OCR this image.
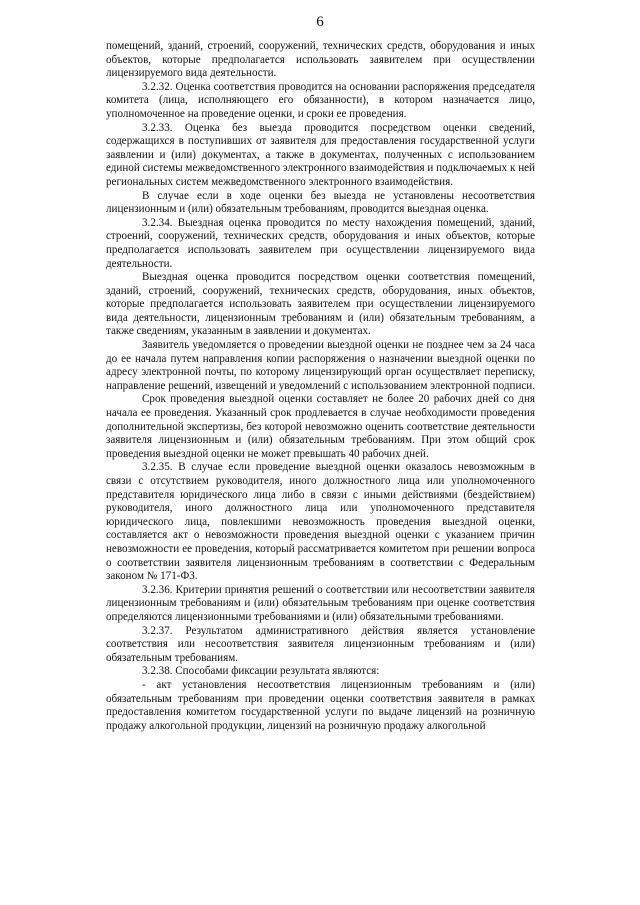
6

помещений, зданий, строений, сооружений, технических средств, оборудования и иных объектов, которые предполагается использовать заявителем при осуществлении лицензируемого вида деятельности.

3.2.32. Оценка соответствия проводится на основании распоряжения председателя комитета (лица, исполняющего его обязанности), в котором назначается лицо, уполномоченное на проведение оценки, и сроки ее проведения.

3.2.33. Оценка без выезда проводится посредством оценки сведений, содержащихся в поступивших от заявителя для предоставления государственной услуги заявлении и (или) документах, а также в документах, полученных с использованием единой системы межведомственного электронного взаимодействия и подключаемых к ней региональных систем межведомственного электронного взаимодействия.

В случае если в ходе оценки без выезда не установлены несоответствия лицензионным и (или) обязательным требованиям, проводится выездная оценка.

3.2.34. Выездная оценка проводится по месту нахождения помещений, зданий, строений, сооружений, технических средств, оборудования и иных объектов, которые предполагается использовать заявителем при осуществлении лицензируемого вида деятельности.

Выездная оценка проводится посредством оценки соответствия помещений, зданий, строений, сооружений, технических средств, оборудования, иных объектов, которые предполагается использовать заявителем при осуществлении лицензируемого вида деятельности, лицензионным требованиям и (или) обязательным требованиям, а также сведениям, указанным в заявлении и документах.

Заявитель уведомляется о проведении выездной оценки не позднее чем за 24 часа до ее начала путем направления копии распоряжения о назначении выездной оценки по адресу электронной почты, по которому лицензирующий орган осуществляет переписку, направление решений, извещений и уведомлений с использованием электронной подписи.

Срок проведения выездной оценки составляет не более 20 рабочих дней со дня начала ее проведения. Указанный срок продлевается в случае необходимости проведения дополнительной экспертизы, без которой невозможно оценить соответствие деятельности заявителя лицензионным и (или) обязательным требованиям. При этом общий срок проведения выездной оценки не может превышать 40 рабочих дней.

3.2.35. В случае если проведение выездной оценки оказалось невозможным в связи с отсутствием руководителя, иного должностного лица или уполномоченного представителя юридического лица либо в связи с иными действиями (бездействием) руководителя, иного должностного лица или уполномоченного представителя юридического лица, повлекшими невозможность проведения выездной оценки, составляется акт о невозможности проведения выездной оценки с указанием причин невозможности ее проведения, который рассматривается комитетом при решении вопроса о соответствии заявителя лицензионным требованиям в соответствии с Федеральным законом № 171-ФЗ.

3.2.36. Критерии принятия решений о соответствии или несоответствии заявителя лицензионным требованиям и (или) обязательным требованиям при оценке соответствия определяются лицензионными требованиями и (или) обязательными требованиями.

3.2.37. Результатом административного действия является установление соответствия или несоответствия заявителя лицензионным требованиям и (или) обязательным требованиям.

3.2.38. Способами фиксации результата являются:

- акт установления несоответствия лицензионным требованиям и (или) обязательным требованиям при проведении оценки соответствия заявителя в рамках предоставления комитетом государственной услуги по выдаче лицензий на розничную продажу алкогольной продукции, лицензий на розничную продажу алкогольной
